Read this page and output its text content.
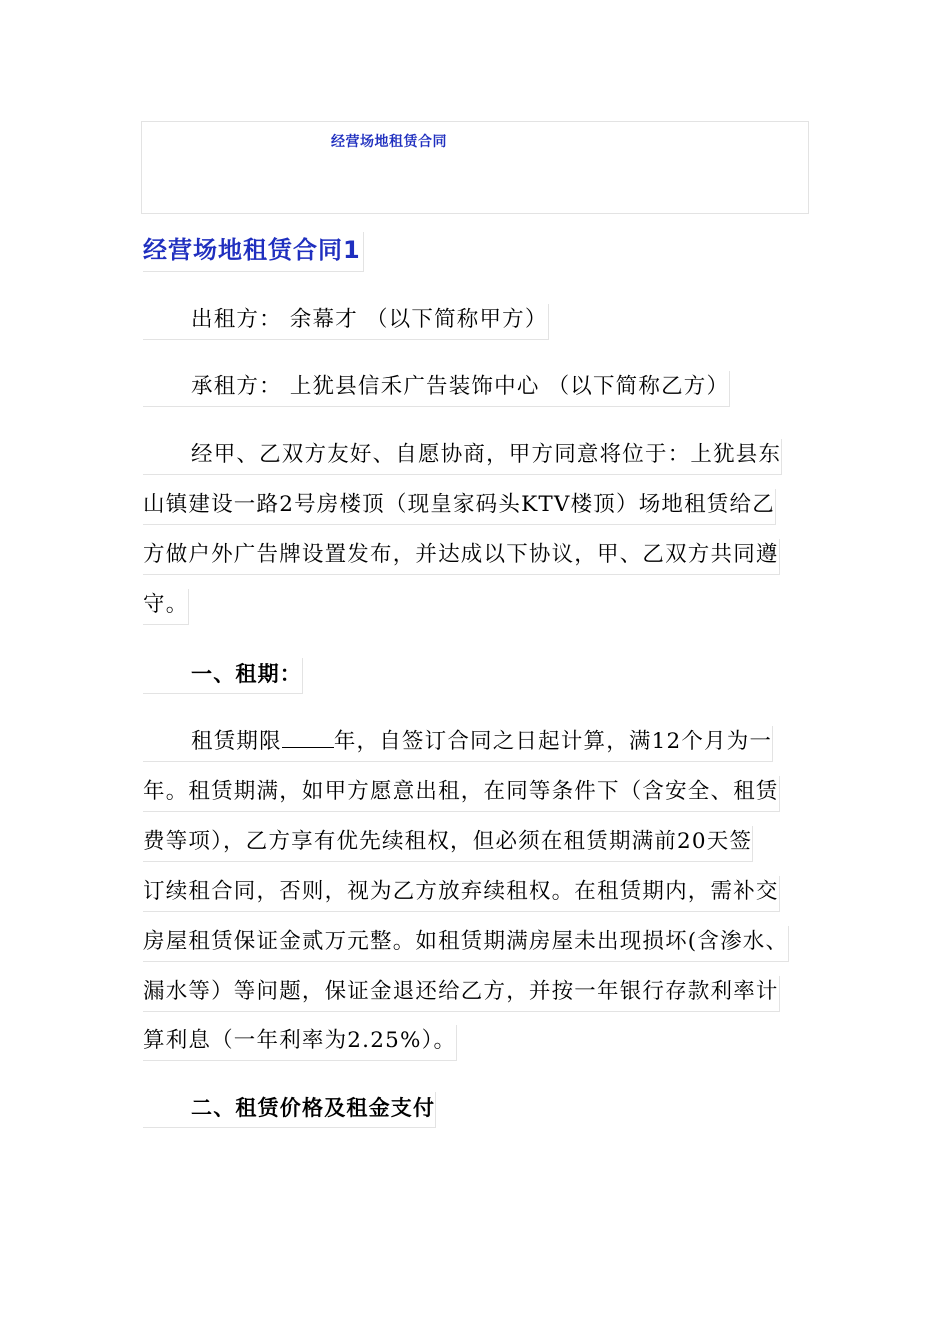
经营场地租赁合同
经营场地租赁合同1
出租方： 余幕才 （以下简称甲方）
承租方： 上犹县信禾广告装饰中心 （以下简称乙方）
经甲、乙双方友好、自愿协商，甲方同意将位于：上犹县东
山镇建设一路2号房楼顶（现皇家码头KTV楼顶）场地租赁给乙
方做户外广告牌设置发布，并达成以下协议，甲、乙双方共同遵
守。
一、租期：
租赁期限 年，自签订合同之日起计算，满12个月为一
年。租赁期满，如甲方愿意出租，在同等条件下（含安全、租赁
费等项），乙方享有优先续租权，但必须在租赁期满前20天签
订续租合同，否则，视为乙方放弃续租权。在租赁期内，需补交
房屋租赁保证金贰万元整。如租赁期满房屋未出现损坏(含渗水、
漏水等）等问题，保证金退还给乙方，并按一年银行存款利率计
算利息（一年利率为2.25%）。
二、租赁价格及租金支付
